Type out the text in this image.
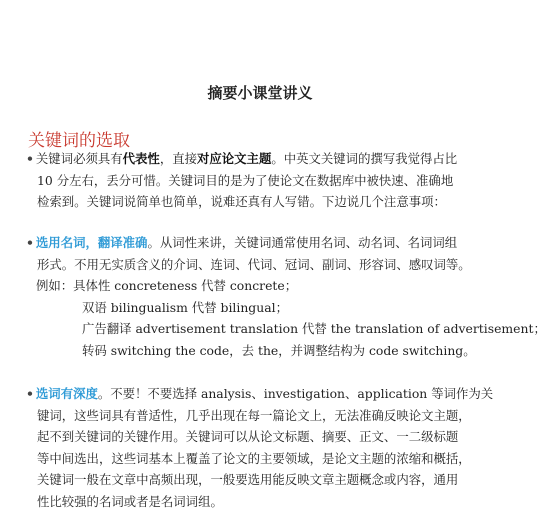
摘要小课堂讲义
关键词的选取
• 关键词必须具有代表性，直接对应论文主题。中英文关键词的撰写我觉得占比
10 分左右，丢分可惜。关键词目的是为了使论文在数据库中被快速、准确地
检索到。关键词说简单也简单，说难还真有人写错。下边说几个注意事项：
• 选用名词，翻译准确。从词性来讲，关键词通常使用名词、动名词、名词词组
形式。不用无实质含义的介词、连词、代词、冠词、副词、形容词、感叹词等。
例如：具体性 concreteness 代替 concrete；
双语 bilingualism 代替 bilingual；
广告翻译 advertisement translation 代替 the translation of advertisement；
转码 switching the code，去 the，并调整结构为 code switching。
• 选词有深度。不要！不要选择 analysis、investigation、application 等词作为关
键词，这些词具有普适性，几乎出现在每一篇论文上，无法准确反映论文主题，
起不到关键词的关键作用。关键词可以从论文标题、摘要、正文、一二级标题
等中间选出，这些词基本上覆盖了论文的主要领域，是论文主题的浓缩和概括，
关键词一般在文章中高频出现，一般要选用能反映文章主题概念或内容，通用
性比较强的名词或者是名词词组。
